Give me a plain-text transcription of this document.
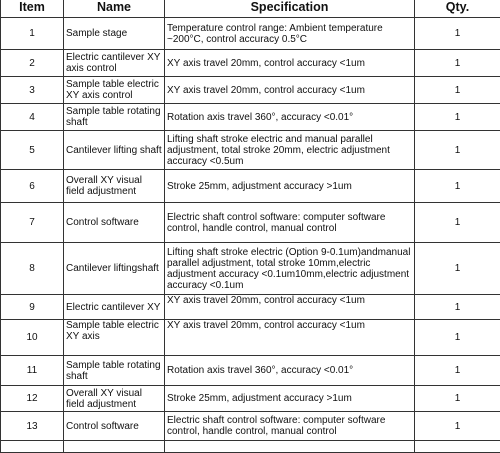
Item	Name	Specification	Qty.
1	Sample stage	Temperature control range: Ambient temperature ~200°C, control accuracy 0.5°C	1
2	Electric cantilever XY axis control	XY axis travel 20mm, control accuracy <1um	1
3	Sample table electric XY axis control	XY axis travel 20mm, control accuracy <1um	1
4	Sample table rotating shaft	Rotation axis travel 360°, accuracy <0.01°	1
5	Cantilever lifting shaft	Lifting shaft stroke electric and manual parallel adjustment, total stroke 20mm, electric adjustment accuracy <0.5um	1
6	Overall XY visual field adjustment	Stroke 25mm, adjustment accuracy >1um	1
7	Control software	Electric shaft control software: computer software control, handle control, manual control	1
8	Cantilever liftingshaft	Lifting shaft stroke electric (Option 9-0.1um)andmanual parallel adjustment, total stroke 10mm,electric adjustment accuracy <0.1um10mm,electric adjustment accuracy <0.1um	1
9	Electric cantilever XY	XY axis travel 20mm, control accuracy <1um	1
10	Sample table electric XY axis	XY axis travel 20mm, control accuracy <1um	1
11	Sample table rotating shaft	Rotation axis travel 360°, accuracy <0.01°	1
12	Overall XY visual field adjustment	Stroke 25mm, adjustment accuracy >1um	1
13	Control software	Electric shaft control software: computer software control, handle control, manual control	1
